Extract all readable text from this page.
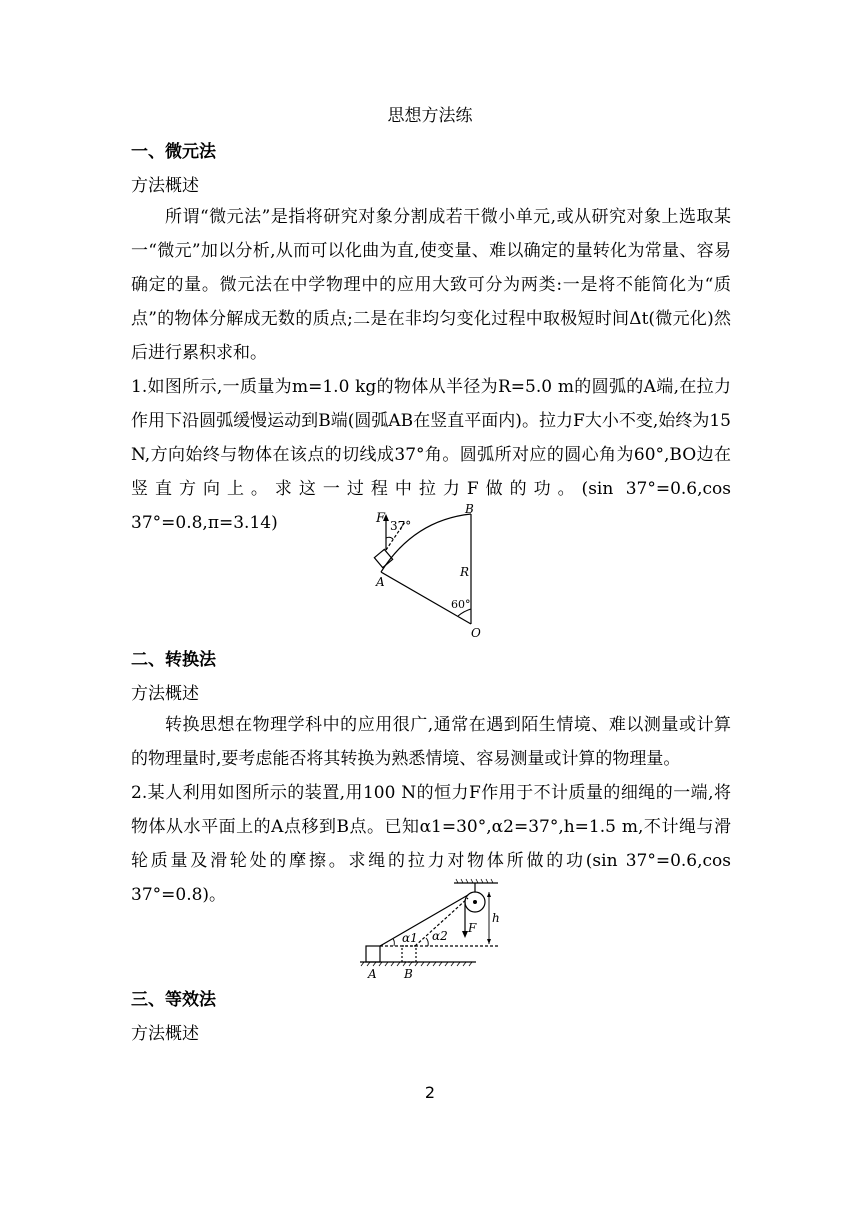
思想方法练
一、微元法
方法概述
所谓“微元法”是指将研究对象分割成若干微小单元,或从研究对象上选取某一“微元”加以分析,从而可以化曲为直,使变量、难以确定的量转化为常量、容易确定的量。微元法在中学物理中的应用大致可分为两类:一是将不能简化为“质点”的物体分解成无数的质点;二是在非均匀变化过程中取极短时间Δt(微元化)然后进行累积求和。
1.如图所示,一质量为m=1.0 kg的物体从半径为R=5.0 m的圆弧的A端,在拉力作用下沿圆弧缓慢运动到B端(圆弧AB在竖直平面内)。拉力F大小不变,始终为15 N,方向始终与物体在该点的切线成37°角。圆弧所对应的圆心角为60°,BO边在竖直方向上。求这一过程中拉力F做的功。(sin 37°=0.6,cos 37°=0.8,π=3.14)	F 37°
B
A
R
60°
O
二、转换法
方法概述
转换思想在物理学科中的应用很广,通常在遇到陌生情境、难以测量或计算的物理量时,要考虑能否将其转换为熟悉情境、容易测量或计算的物理量。
2.某人利用如图所示的装置,用100 N的恒力F作用于不计质量的细绳的一端,将物体从水平面上的A点移到B点。已知α1=30°,α2=37°,h=1.5 m,不计绳与滑轮质量及滑轮处的摩擦。求绳的拉力对物体所做的功(sin 37°=0.6,cos 37°=0.8)。
α1 α2
h
F
A B
三、等效法
方法概述
2
